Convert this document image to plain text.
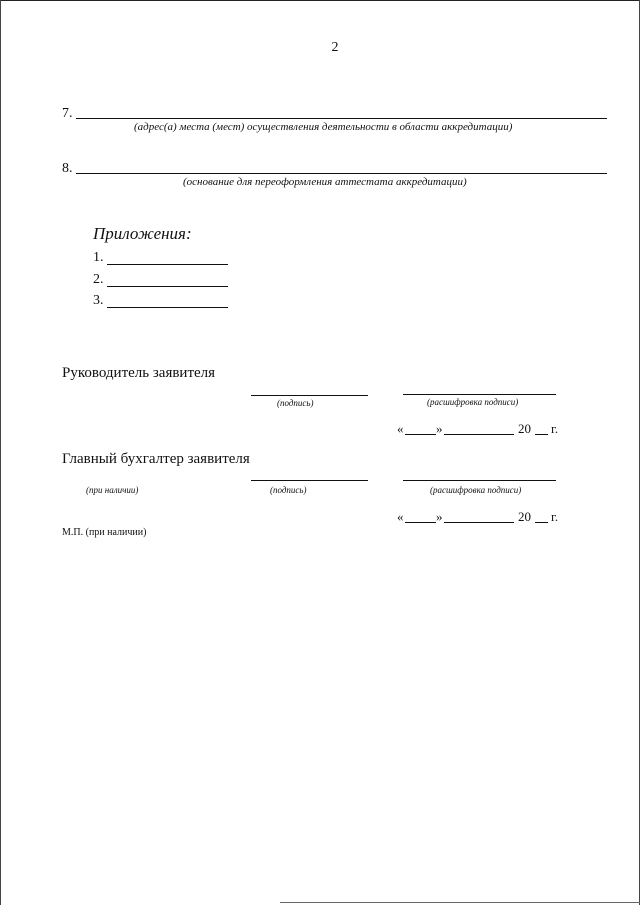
2
7.
(адрес(а) места (мест) осуществления деятельности в области аккредитации)
8.
(основание для переоформления аттестата аккредитации)
Приложения:
1.
2.
3.
Руководитель заявителя
(подпись)	(расшифровка подписи)
«	»	20 г.
Главный бухгалтер заявителя
(при наличии)	(подпись)	(расшифровка подписи)
«	»	20 г.
М.П. (при наличии)
